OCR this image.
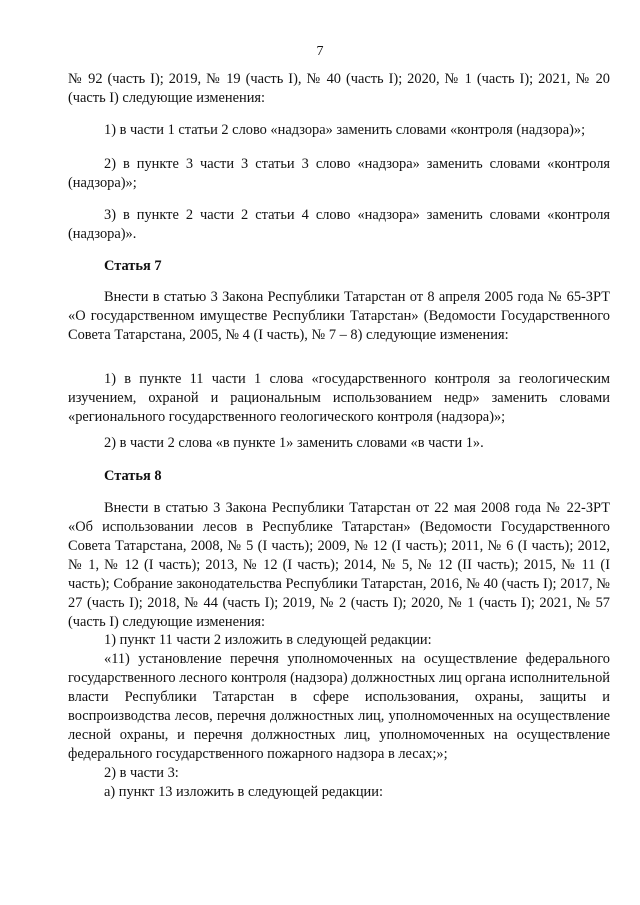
7

№ 92 (часть I); 2019, № 19 (часть I), № 40 (часть I); 2020, № 1 (часть I); 2021, № 20 (часть I) следующие изменения:

1) в части 1 статьи 2 слово «надзора» заменить словами «контроля (надзора)»;

2) в пункте 3 части 3 статьи 3 слово «надзора» заменить словами «контроля (надзора)»;

3) в пункте 2 части 2 статьи 4 слово «надзора» заменить словами «контроля (надзора)».

Статья 7

Внести в статью 3 Закона Республики Татарстан от 8 апреля 2005 года № 65-ЗРТ «О государственном имуществе Республики Татарстан» (Ведомости Государственного Совета Татарстана, 2005, № 4 (I часть), № 7 – 8) следующие изменения:

1) в пункте 11 части 1 слова «государственного контроля за геологическим изучением, охраной и рациональным использованием недр» заменить словами «регионального государственного геологического контроля (надзора)»;

2) в части 2 слова «в пункте 1» заменить словами «в части 1».

Статья 8

Внести в статью 3 Закона Республики Татарстан от 22 мая 2008 года № 22-ЗРТ «Об использовании лесов в Республике Татарстан» (Ведомости Государственного Совета Татарстана, 2008, № 5 (I часть); 2009, № 12 (I часть); 2011, № 6 (I часть); 2012, № 1, № 12 (I часть); 2013, № 12 (I часть); 2014, № 5, № 12 (II часть); 2015, № 11 (I часть); Собрание законодательства Республики Татарстан, 2016, № 40 (часть I); 2017, № 27 (часть I); 2018, № 44 (часть I); 2019, № 2 (часть I); 2020, № 1 (часть I); 2021, № 57 (часть I) следующие изменения:

1) пункт 11 части 2 изложить в следующей редакции:

«11) установление перечня уполномоченных на осуществление федерального государственного лесного контроля (надзора) должностных лиц органа исполнительной власти Республики Татарстан в сфере использования, охраны, защиты и воспроизводства лесов, перечня должностных лиц, уполномоченных на осуществление лесной охраны, и перечня должностных лиц, уполномоченных на осуществление федерального государственного пожарного надзора в лесах;»;

2) в части 3:

а) пункт 13 изложить в следующей редакции:
